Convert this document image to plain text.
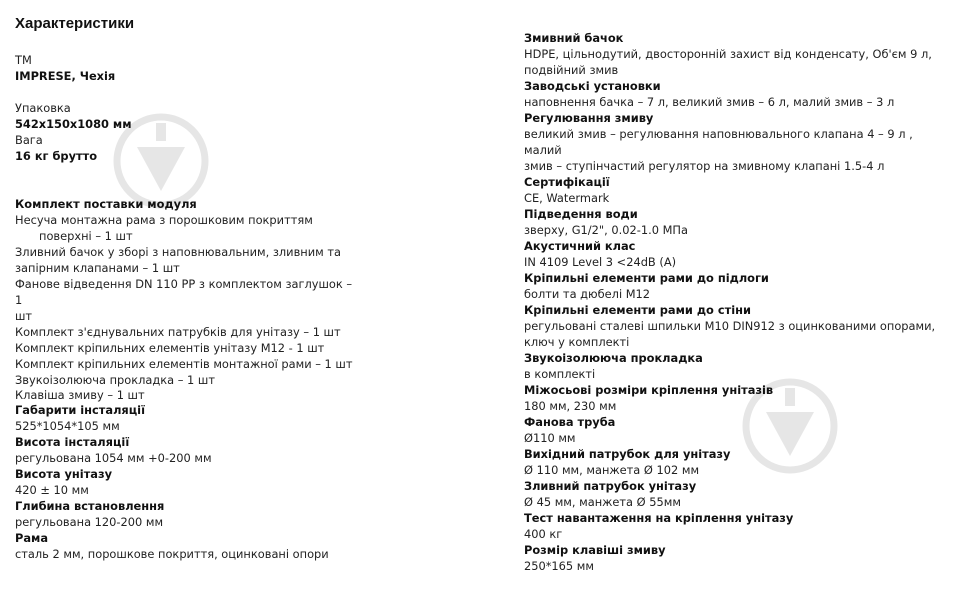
Характеристики
ТМ
IMPRESE, Чехія
Упаковка
542x150x1080 мм
Вага
16 кг брутто
Комплект поставки модуля
Несуча монтажна рама з порошковим покриттям
поверхні – 1 шт
Зливний бачок у зборі з наповнювальним, зливним та
запірним клапанами – 1 шт
Фанове відведення DN 110 PP з комплектом заглушок – 1
шт
Комплект з'єднувальних патрубків для унітазу – 1 шт
Комплект кріпильних елементів унітазу М12 - 1 шт
Комплект кріпильних елементів монтажної рами – 1 шт
Звукоізолююча прокладка – 1 шт
Клавіша змиву – 1 шт
Габарити інсталяції
525*1054*105 мм
Висота інсталяції
регульована 1054 мм +0-200 мм
Висота унітазу
420 ± 10 мм
Глибина встановлення
регульована 120-200 мм
Рама
сталь 2 мм, порошкове покриття, оцинковані опори
Змивний бачок
HDPE, цільнодутий, двосторонній захист від конденсату, Об'єм 9 л,
подвійний змив
Заводські установки
наповнення бачка – 7 л, великий змив – 6 л, малий змив – 3 л
Регулювання змиву
великий змив – регулювання наповнювального клапана 4 – 9 л , малий
змив – ступінчастий регулятор на змивному клапані 1.5-4 л
Сертифікації
CE, Watermark
Підведення води
зверху, G1/2", 0.02-1.0 МПа
Акустичний клас
IN 4109 Level 3 <24dB (A)
Кріпильні елементи рами до підлоги
болти та дюбелі М12
Кріпильні елементи рами до стіни
регульовані сталеві шпильки М10 DIN912 з оцинкованими опорами,
ключ у комплекті
Звукоізолююча прокладка
в комплекті
Міжосьові розміри кріплення унітазів
180 мм, 230 мм
Фанова труба
Ø110 мм
Вихідний патрубок для унітазу
Ø 110 мм, манжета Ø 102 мм
Зливний патрубок унітазу
Ø 45 мм, манжета Ø 55мм
Тест навантаження на кріплення унітазу
400 кг
Розмір клавіші змиву
250*165 мм
